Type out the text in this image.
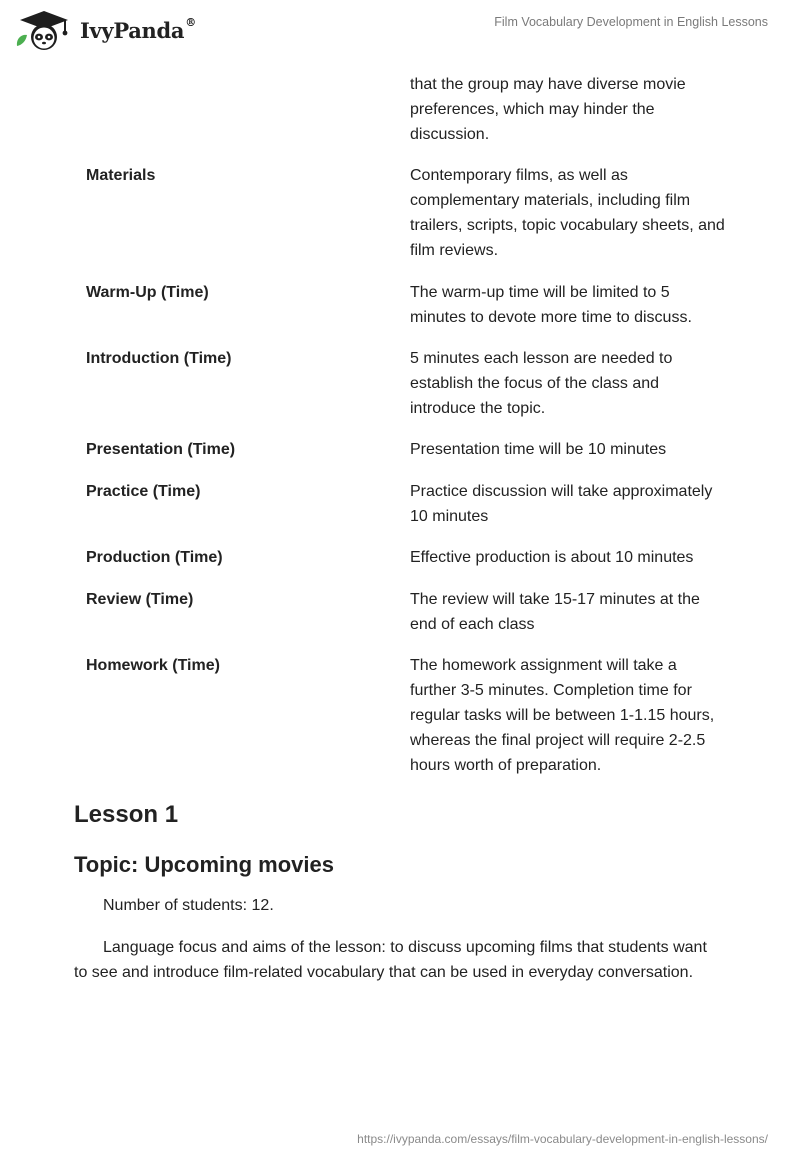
IvyPanda®	Film Vocabulary Development in English Lessons
that the group may have diverse movie preferences, which may hinder the discussion.
Materials	Contemporary films, as well as complementary materials, including film trailers, scripts, topic vocabulary sheets, and film reviews.
Warm-Up (Time)	The warm-up time will be limited to 5 minutes to devote more time to discuss.
Introduction (Time)	5 minutes each lesson are needed to establish the focus of the class and introduce the topic.
Presentation (Time)	Presentation time will be 10 minutes
Practice (Time)	Practice discussion will take approximately 10 minutes
Production (Time)	Effective production is about 10 minutes
Review (Time)	The review will take 15-17 minutes at the end of each class
Homework (Time)	The homework assignment will take a further 3-5 minutes. Completion time for regular tasks will be between 1-1.15 hours, whereas the final project will require 2-2.5 hours worth of preparation.
Lesson 1
Topic: Upcoming movies

Number of students: 12.

Language focus and aims of the lesson: to discuss upcoming films that students want to see and introduce film-related vocabulary that can be used in everyday conversation.

https://ivypanda.com/essays/film-vocabulary-development-in-english-lessons/
